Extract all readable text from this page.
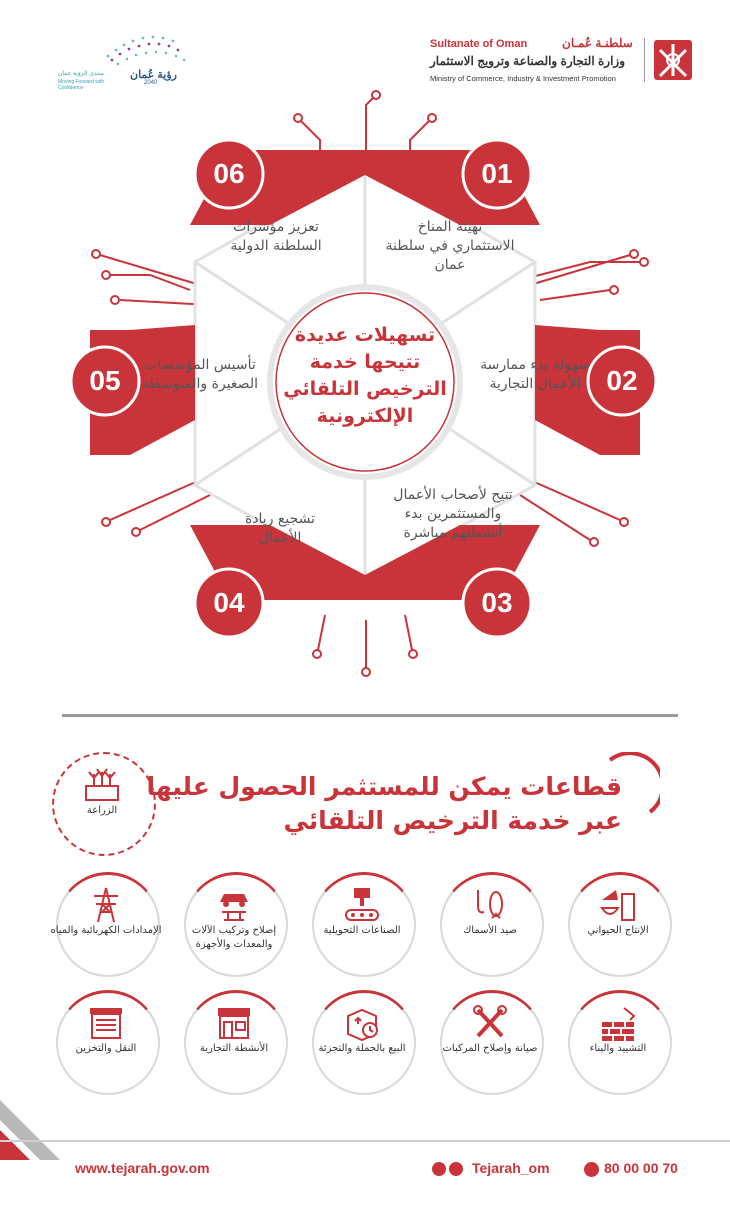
Sultanate of Oman	سلطنـة عُمـان
وزارة التجارة والصناعة وترويج الاستثمار
Ministry of Commerce, Industry & Investment Promotion
رؤية عُمان
2040
منتدى الرؤية عمان
Moving Forward with Confidence
06	01
02
05
04	03
تعزيز مؤشرات السلطنة الدولية
تهيئة المناخ الاستثماري في سلطنة عمان
سهولة بدء ممارسة الأعمال التجارية
تأسيس المؤسسات الصغيرة والمتوسطة
تشجيع ريادة الأعمال
تتيح لأصحاب الأعمال والمستثمرين بدء أنشطتهم مباشرة
تسهيلات عديدة تتيحها خدمة الترخيص التلقائي الإلكترونية
قطاعات يمكن للمستثمر الحصول عليها عبر خدمة الترخيص التلقائي
الزراعة
الإمدادات الكهربائية والمياه	إصلاح وتركيب الآلات والمعدات والأجهزة
الصناعات التحويلية	صيد الأسماك	الإنتاج الحيواني
النقل والتخزين	الأنشطة التجارية	البيع بالجملة والتجزئة	صيانة وإصلاح المركبات	التشييد والبناء
www.tejarah.gov.om	Tejarah_om	80 00 00 70
